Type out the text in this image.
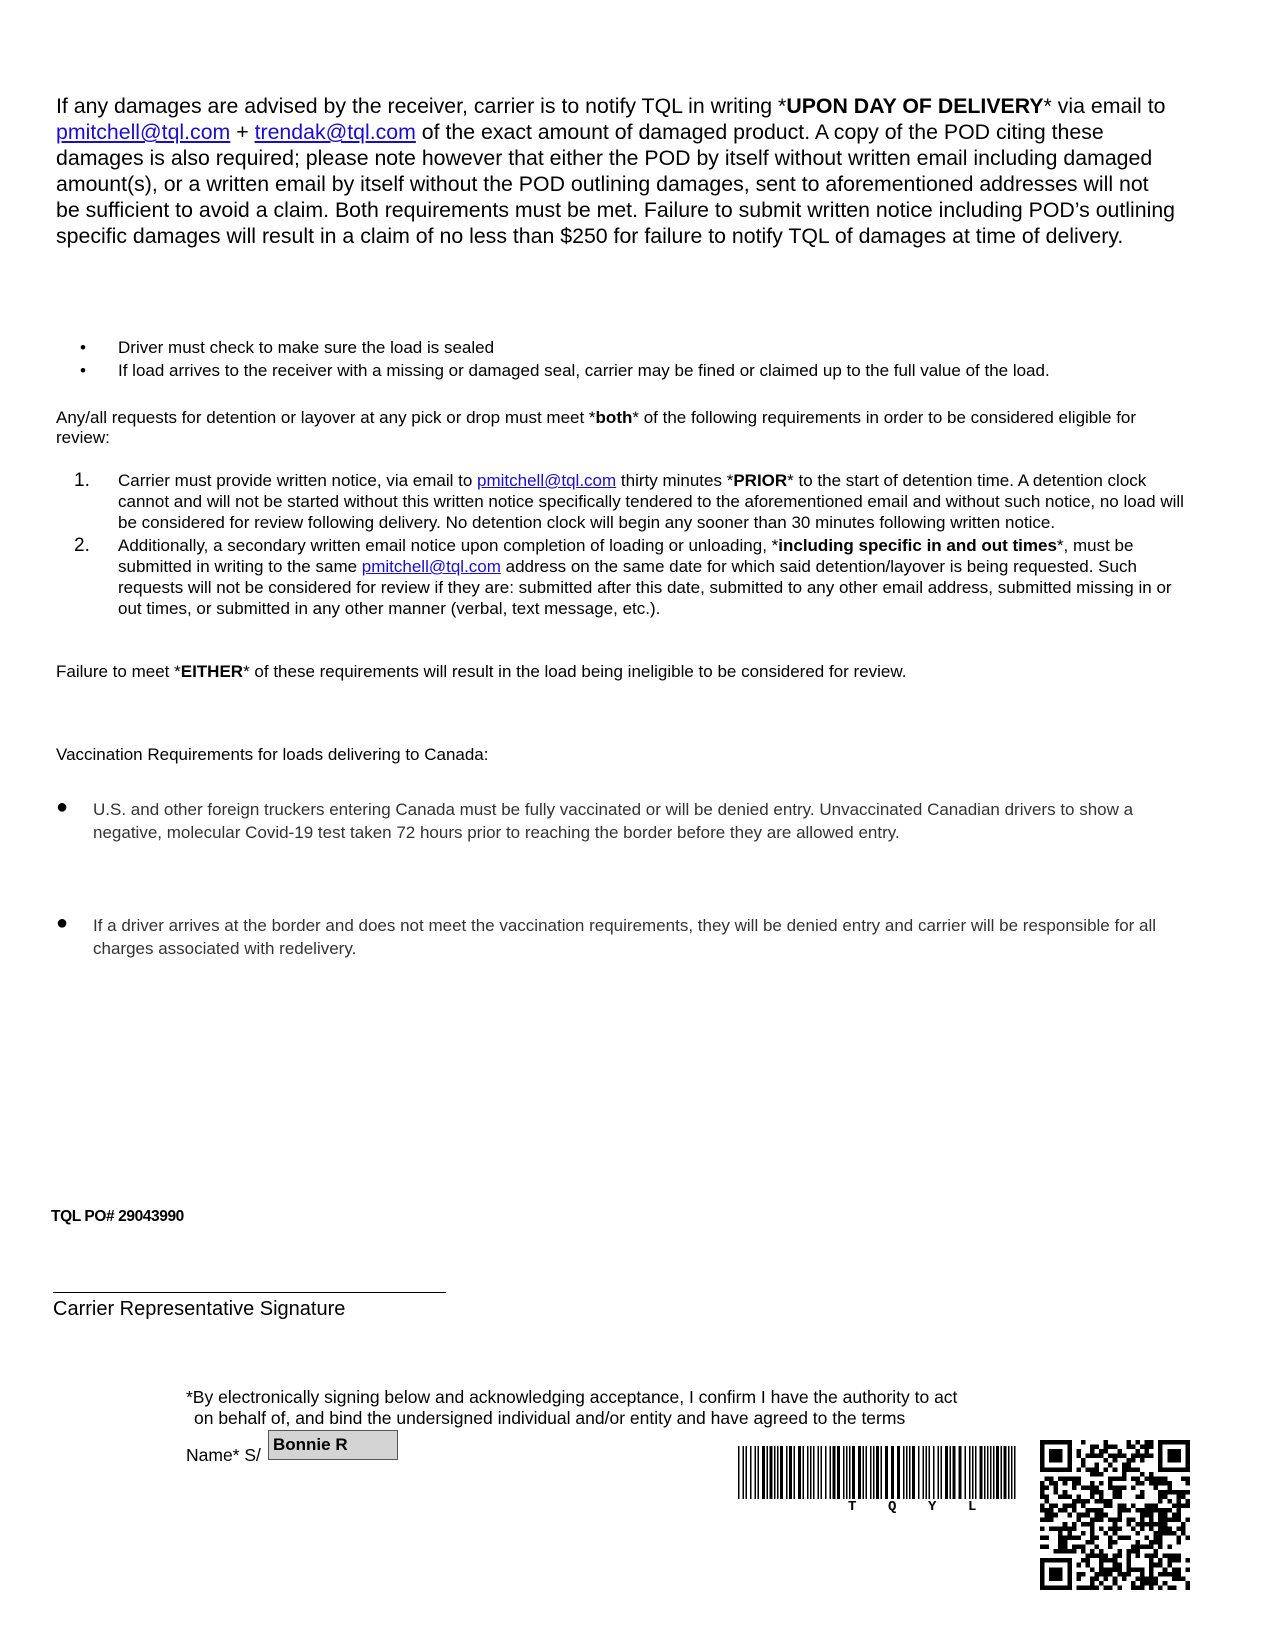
If any damages are advised by the receiver, carrier is to notify TQL in writing *UPON DAY OF DELIVERY* via email to pmitchell@tql.com + trendak@tql.com of the exact amount of damaged product. A copy of the POD citing these damages is also required; please note however that either the POD by itself without written email including damaged amount(s), or a written email by itself without the POD outlining damages, sent to aforementioned addresses will not be sufficient to avoid a claim. Both requirements must be met. Failure to submit written notice including POD’s outlining specific damages will result in a claim of no less than $250 for failure to notify TQL of damages at time of delivery.
• Driver must check to make sure the load is sealed
• If load arrives to the receiver with a missing or damaged seal, carrier may be fined or claimed up to the full value of the load.
Any/all requests for detention or layover at any pick or drop must meet *both* of the following requirements in order to be considered eligible for review:
1. Carrier must provide written notice, via email to pmitchell@tql.com thirty minutes *PRIOR* to the start of detention time. A detention clock cannot and will not be started without this written notice specifically tendered to the aforementioned email and without such notice, no load will be considered for review following delivery. No detention clock will begin any sooner than 30 minutes following written notice.
2. Additionally, a secondary written email notice upon completion of loading or unloading, *including specific in and out times*, must be submitted in writing to the same pmitchell@tql.com address on the same date for which said detention/layover is being requested. Such requests will not be considered for review if they are: submitted after this date, submitted to any other email address, submitted missing in or out times, or submitted in any other manner (verbal, text message, etc.).
Failure to meet *EITHER* of these requirements will result in the load being ineligible to be considered for review.
Vaccination Requirements for loads delivering to Canada:
● U.S. and other foreign truckers entering Canada must be fully vaccinated or will be denied entry. Unvaccinated Canadian drivers to show a negative, molecular Covid-19 test taken 72 hours prior to reaching the border before they are allowed entry.
● If a driver arrives at the border and does not meet the vaccination requirements, they will be denied entry and carrier will be responsible for all charges associated with redelivery.
TQL PO# 29043990
Carrier Representative Signature
*By electronically signing below and acknowledging acceptance, I confirm I have the authority to act
on behalf of, and bind the undersigned individual and/or entity and have agreed to the terms
Name* S/
Bonnie R
T Q Y L
